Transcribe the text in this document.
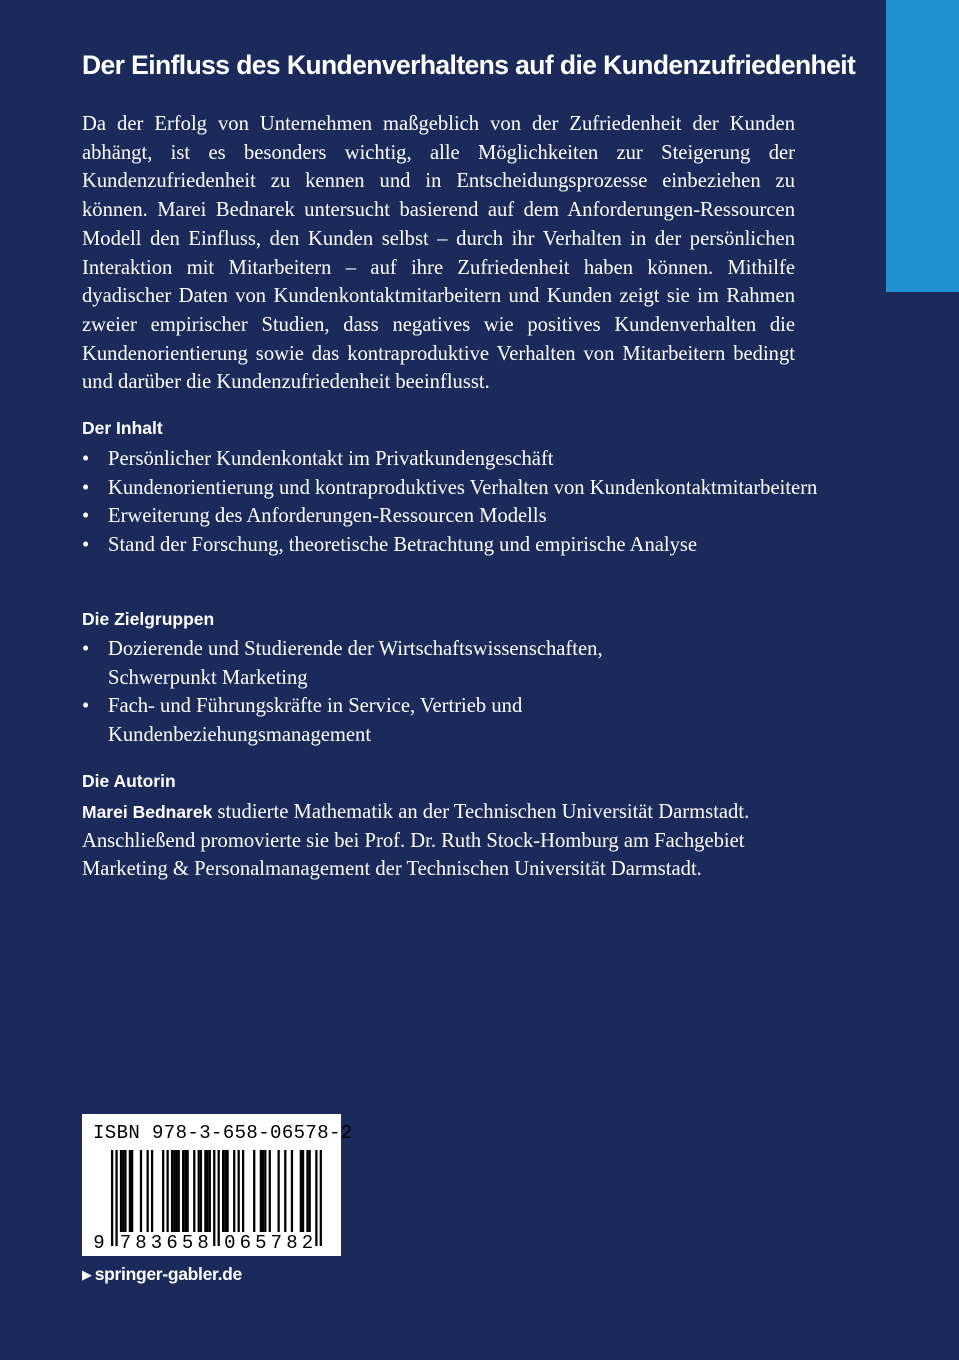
Der Einfluss des Kundenverhaltens auf die Kundenzufriedenheit

Da der Erfolg von Unternehmen maßgeblich von der Zufriedenheit der Kunden abhängt, ist es besonders wichtig, alle Möglichkeiten zur Steigerung der Kundenzufriedenheit zu kennen und in Entscheidungsprozesse einbeziehen zu können. Marei Bednarek untersucht basierend auf dem Anforderungen-Ressourcen Modell den Einfluss, den Kunden selbst – durch ihr Verhalten in der persönlichen Interaktion mit Mitarbeitern – auf ihre Zufriedenheit haben können. Mithilfe dyadischer Daten von Kundenkontaktmitarbeitern und Kunden zeigt sie im Rahmen zweier empirischer Studien, dass negatives wie positives Kundenverhalten die Kundenorientierung sowie das kontraproduktive Verhalten von Mitarbeitern bedingt und darüber die Kundenzufriedenheit beeinflusst.

Der Inhalt
• Persönlicher Kundenkontakt im Privatkundengeschäft
• Kundenorientierung und kontraproduktives Verhalten von Kundenkontaktmitarbeitern
• Erweiterung des Anforderungen-Ressourcen Modells
• Stand der Forschung, theoretische Betrachtung und empirische Analyse
Die Zielgruppen
• Dozierende und Studierende der Wirtschaftswissenschaften, Schwerpunkt Marketing
• Fach- und Führungskräfte in Service, Vertrieb und Kundenbeziehungsmanagement
Die Autorin

Marei Bednarek studierte Mathematik an der Technischen Universität Darmstadt. Anschließend promovierte sie bei Prof. Dr. Ruth Stock-Homburg am Fachgebiet Marketing & Personalmanagement der Technischen Universität Darmstadt.

ISBN 978-3-658-06578-2
9 7 8 3 6 5 8 0 6 5 7 8 2
▶ springer-gabler.de
